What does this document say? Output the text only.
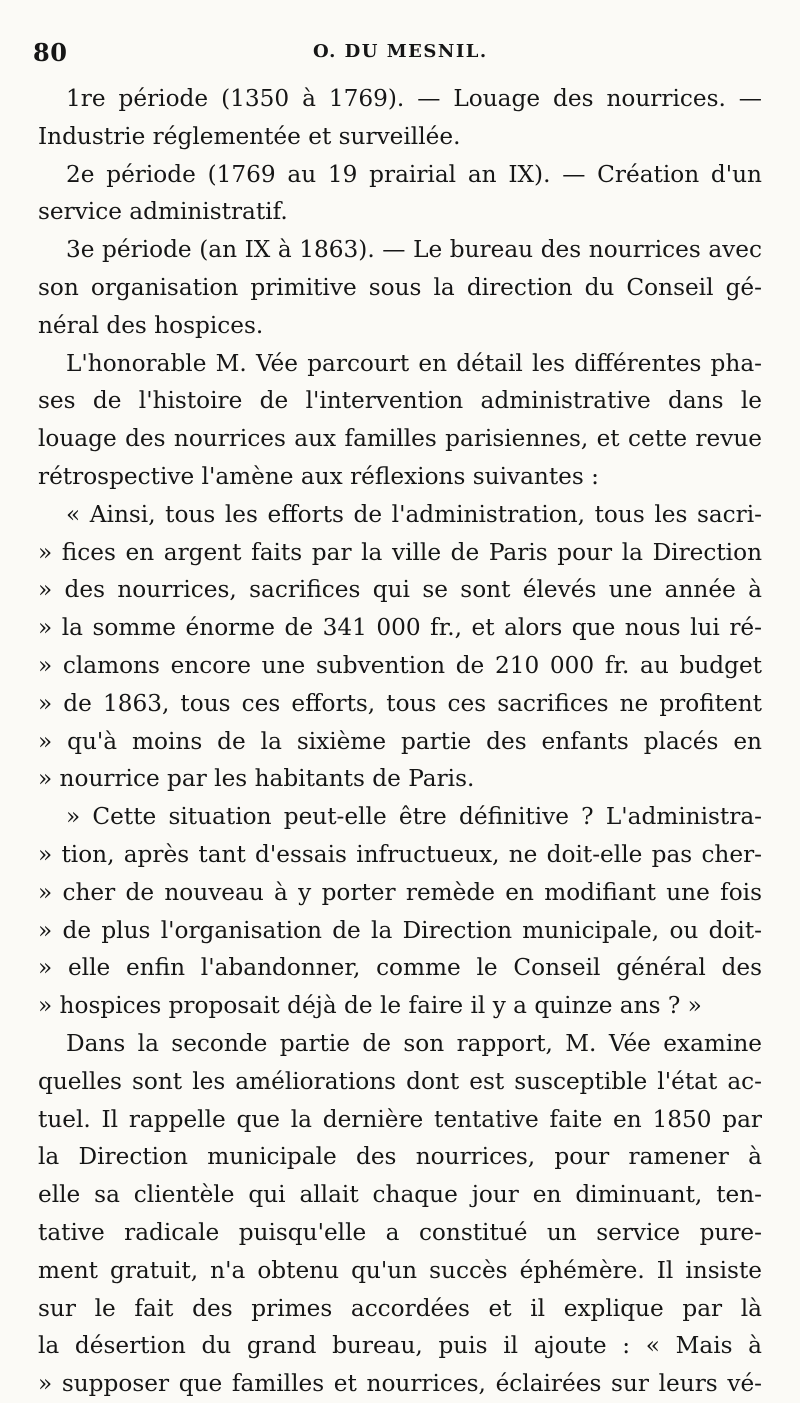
80	O. DU MESNIL.
1re période (1350 à 1769). — Louage des nourrices. —
Industrie réglementée et surveillée.
2e période (1769 au 19 prairial an IX). — Création d'un
service administratif.
3e période (an IX à 1863). — Le bureau des nourrices avec
son organisation primitive sous la direction du Conseil gé-
néral des hospices.
L'honorable M. Vée parcourt en détail les différentes pha-
ses de l'histoire de l'intervention administrative dans le
louage des nourrices aux familles parisiennes, et cette revue
rétrospective l'amène aux réflexions suivantes :
« Ainsi, tous les efforts de l'administration, tous les sacri-
» fices en argent faits par la ville de Paris pour la Direction
» des nourrices, sacrifices qui se sont élevés une année à
» la somme énorme de 341 000 fr., et alors que nous lui ré-
» clamons encore une subvention de 210 000 fr. au budget
» de 1863, tous ces efforts, tous ces sacrifices ne profitent
» qu'à moins de la sixième partie des enfants placés en
» nourrice par les habitants de Paris.
» Cette situation peut-elle être définitive ? L'administra-
» tion, après tant d'essais infructueux, ne doit-elle pas cher-
» cher de nouveau à y porter remède en modifiant une fois
» de plus l'organisation de la Direction municipale, ou doit-
» elle enfin l'abandonner, comme le Conseil général des
» hospices proposait déjà de le faire il y a quinze ans ? »
Dans la seconde partie de son rapport, M. Vée examine
quelles sont les améliorations dont est susceptible l'état ac-
tuel. Il rappelle que la dernière tentative faite en 1850 par
la Direction municipale des nourrices, pour ramener à
elle sa clientèle qui allait chaque jour en diminuant, ten-
tative radicale puisqu'elle a constitué un service pure-
ment gratuit, n'a obtenu qu'un succès éphémère. Il insiste
sur le fait des primes accordées et il explique par là
la désertion du grand bureau, puis il ajoute : « Mais à
» supposer que familles et nourrices, éclairées sur leurs vé-
